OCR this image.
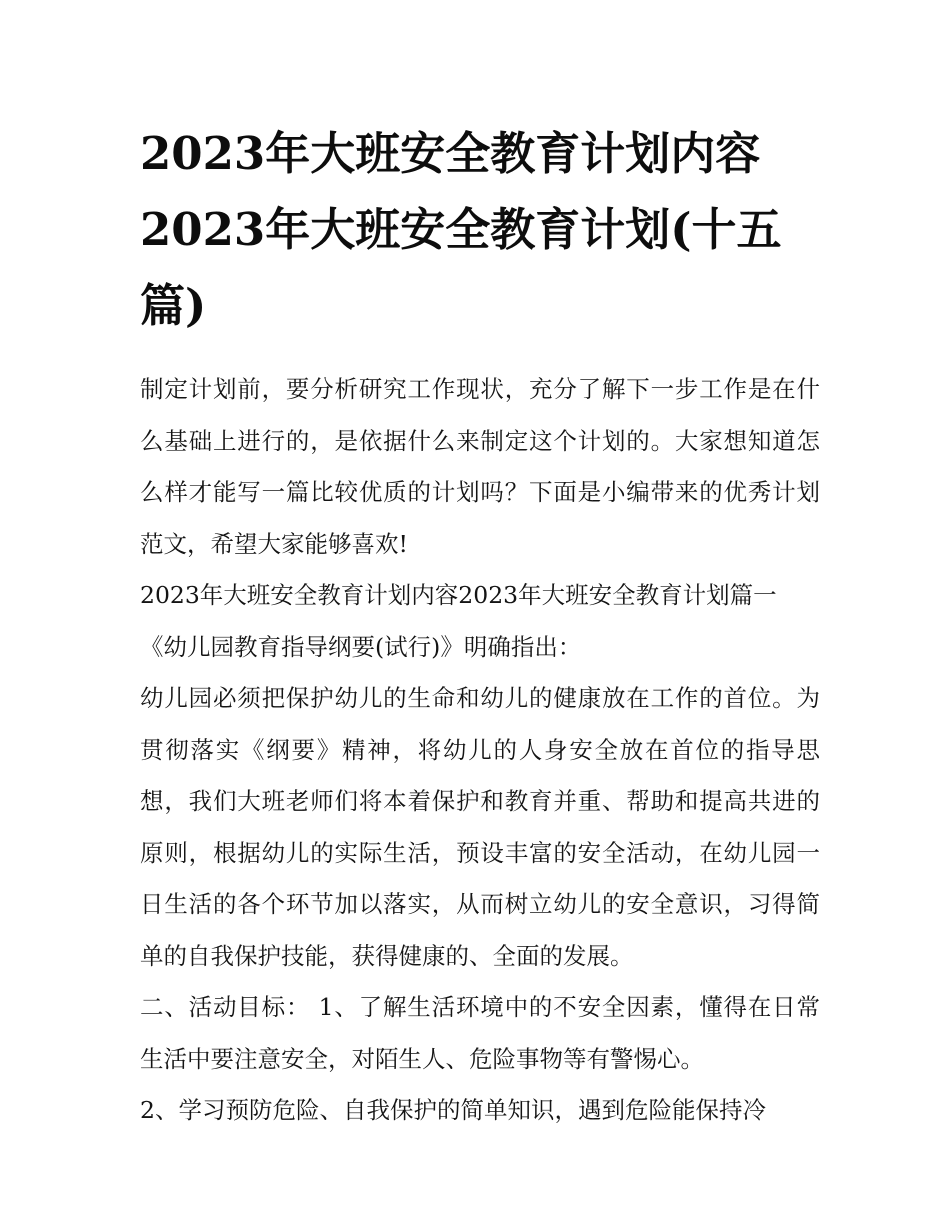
2023年大班安全教育计划内容2023年大班安全教育计划(十五篇)

制定计划前，要分析研究工作现状，充分了解下一步工作是在什么基础上进行的，是依据什么来制定这个计划的。大家想知道怎么样才能写一篇比较优质的计划吗？下面是小编带来的优秀计划范文，希望大家能够喜欢!

2023年大班安全教育计划内容2023年大班安全教育计划篇一

《幼儿园教育指导纲要(试行)》明确指出：

幼儿园必须把保护幼儿的生命和幼儿的健康放在工作的首位。为贯彻落实《纲要》精神，将幼儿的人身安全放在首位的指导思想，我们大班老师们将本着保护和教育并重、帮助和提高共进的原则，根据幼儿的实际生活，预设丰富的安全活动，在幼儿园一日生活的各个环节加以落实，从而树立幼儿的安全意识，习得简单的自我保护技能，获得健康的、全面的发展。

二、活动目标： 1、了解生活环境中的不安全因素，懂得在日常生活中要注意安全，对陌生人、危险事物等有警惕心。

2、学习预防危险、自我保护的简单知识，遇到危险能保持冷
